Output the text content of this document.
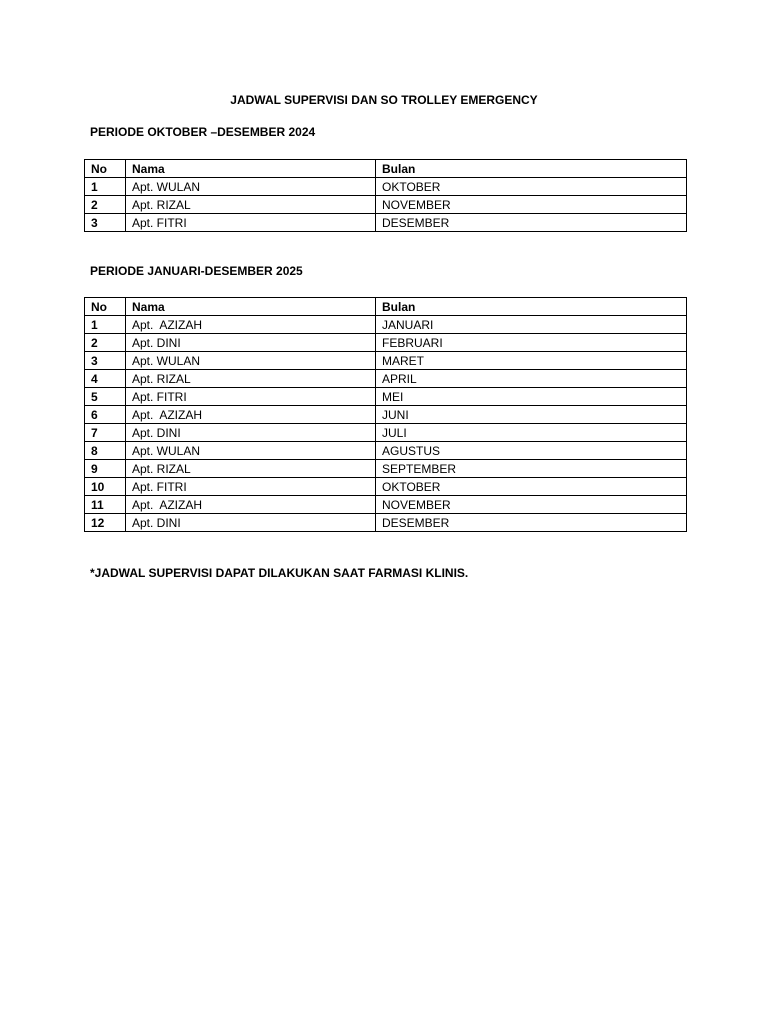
JADWAL SUPERVISI DAN SO TROLLEY EMERGENCY
PERIODE OKTOBER –DESEMBER 2024
No	Nama	Bulan
1	Apt. WULAN	OKTOBER
2	Apt. RIZAL	NOVEMBER
3	Apt. FITRI	DESEMBER
PERIODE JANUARI-DESEMBER 2025
No	Nama	Bulan
1	Apt.  AZIZAH	JANUARI
2	Apt. DINI	FEBRUARI
3	Apt. WULAN	MARET
4	Apt. RIZAL	APRIL
5	Apt. FITRI	MEI
6	Apt.  AZIZAH	JUNI
7	Apt. DINI	JULI
8	Apt. WULAN	AGUSTUS
9	Apt. RIZAL	SEPTEMBER
10	Apt. FITRI	OKTOBER
11	Apt.  AZIZAH	NOVEMBER
12	Apt. DINI	DESEMBER
*JADWAL SUPERVISI DAPAT DILAKUKAN SAAT FARMASI KLINIS.
